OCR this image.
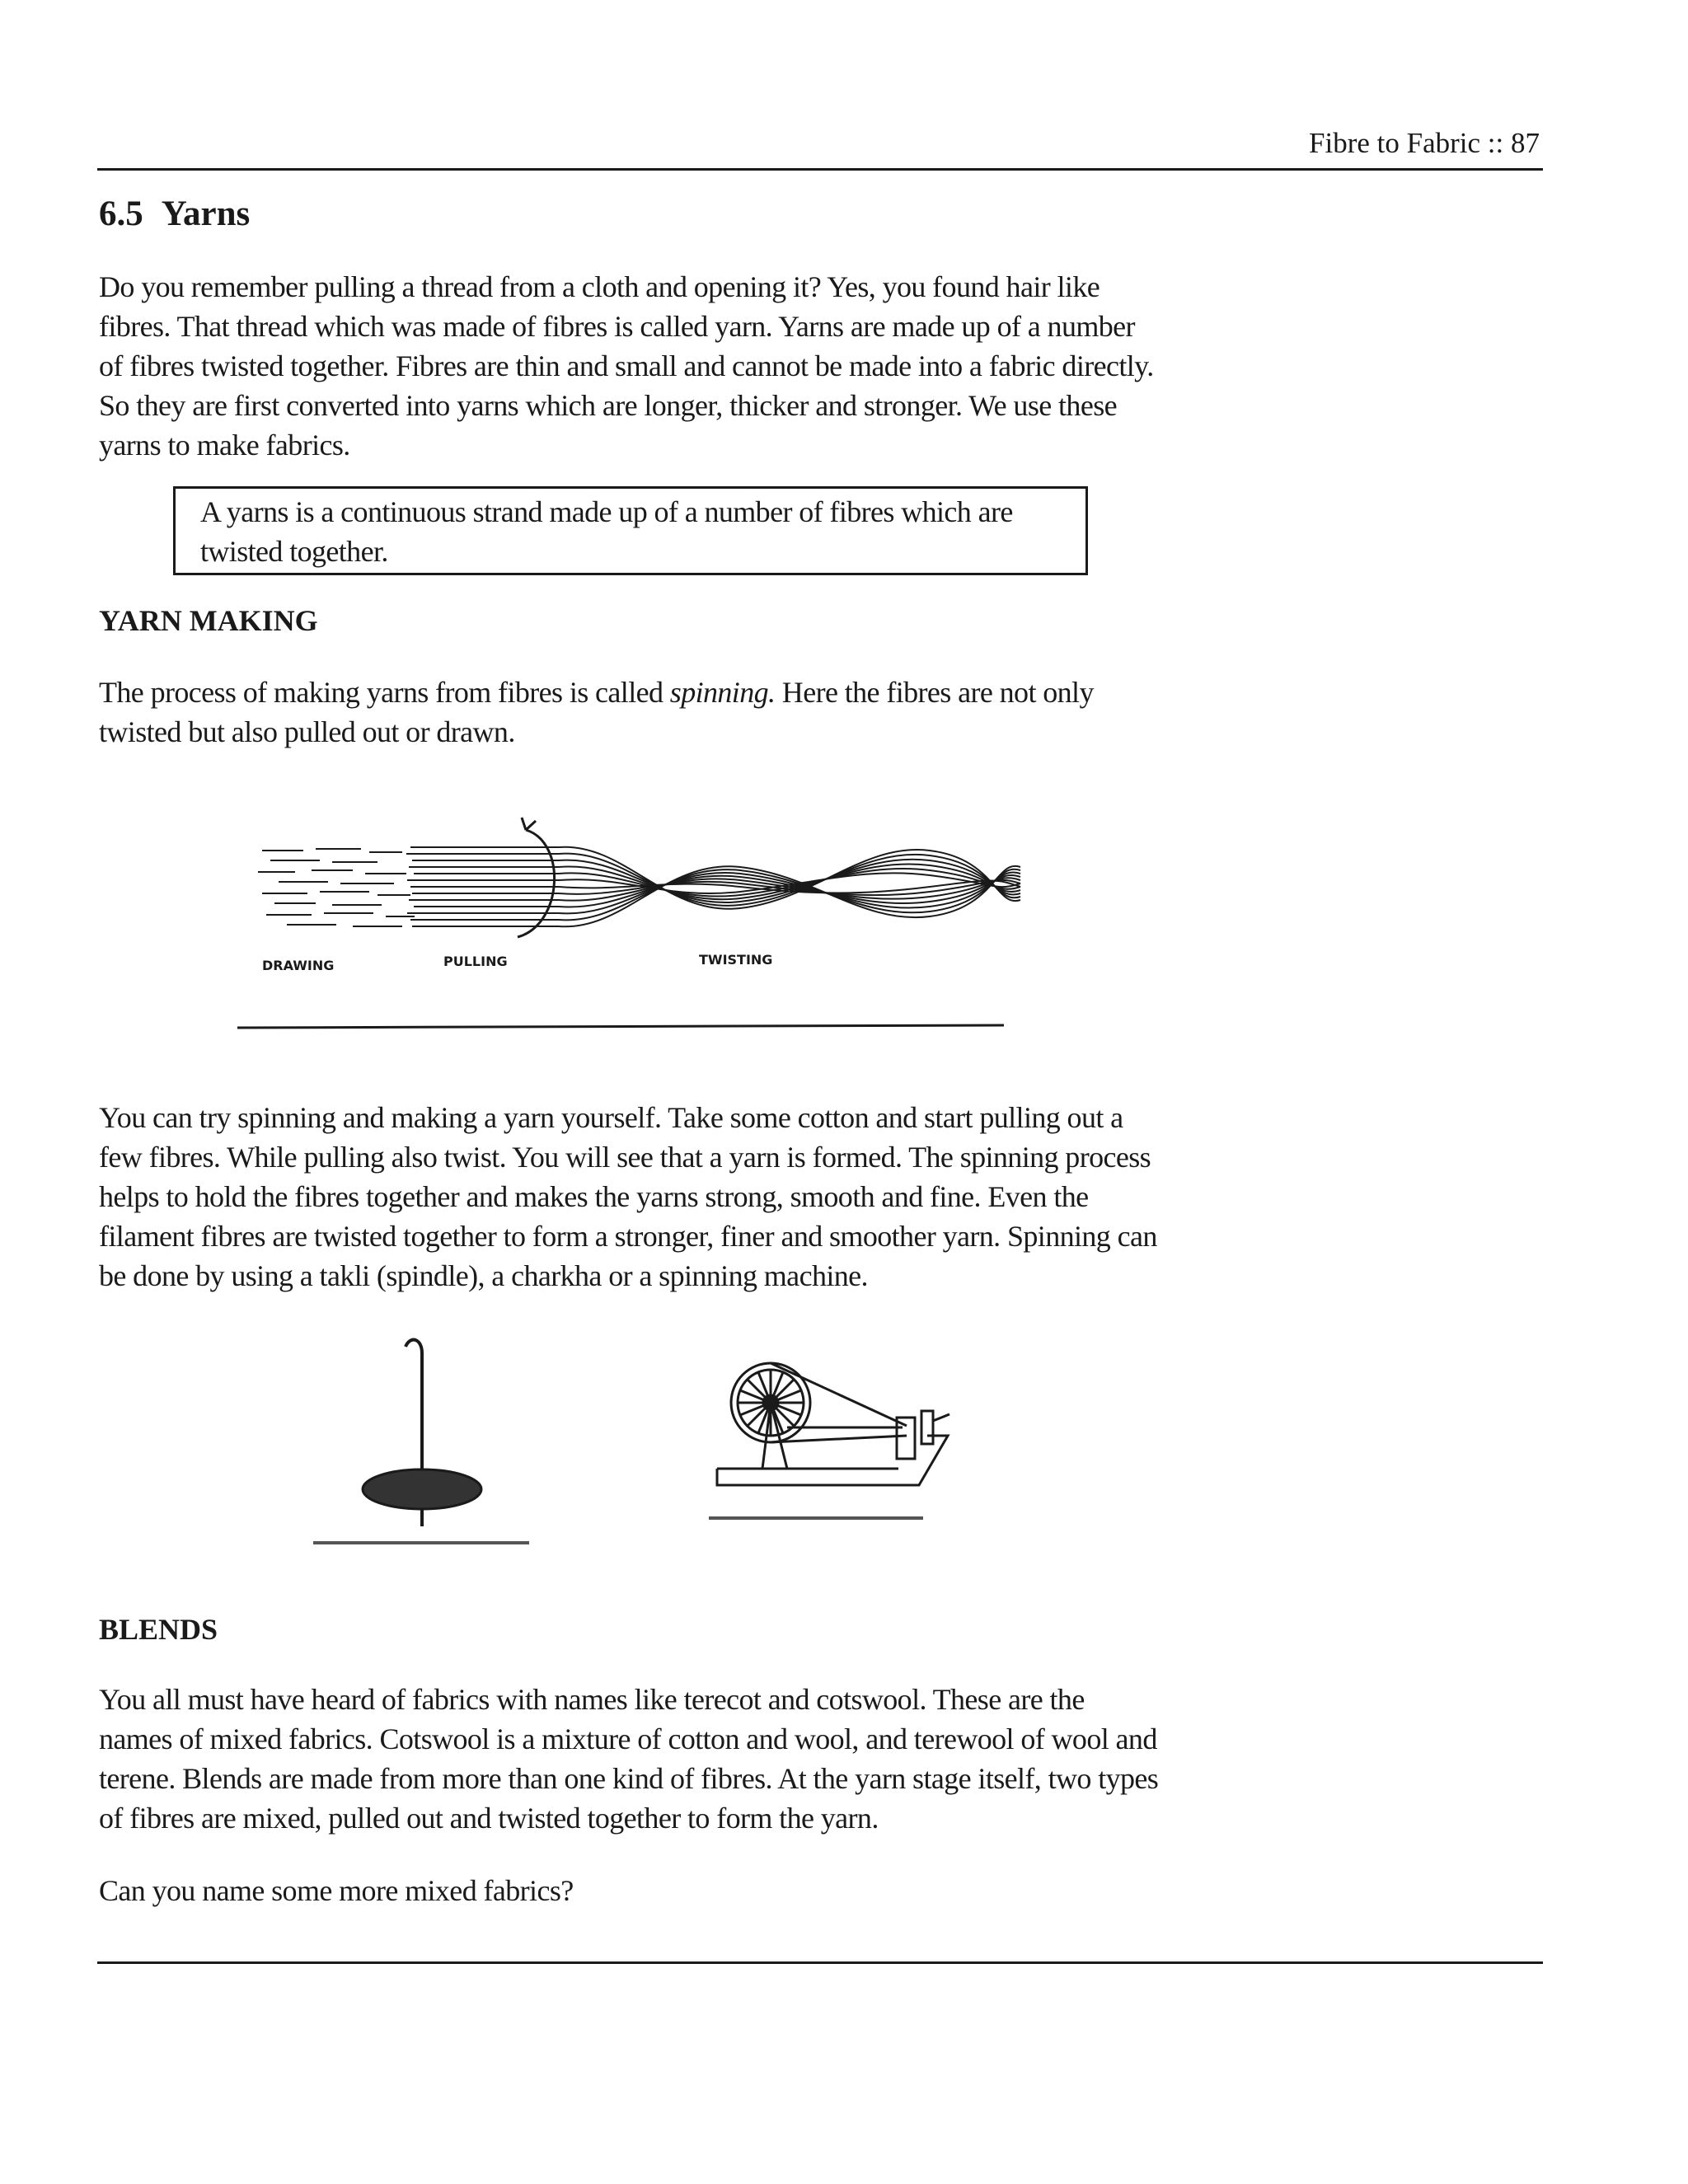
Fibre to Fabric :: 87
6.5 Yarns

Do you remember pulling a thread from a cloth and opening it? Yes, you found hair like fibres. That thread which was made of fibres is called yarn. Yarns are made up of a number of fibres twisted together. Fibres are thin and small and cannot be made into a fabric directly. So they are first converted into yarns which are longer, thicker and stronger. We use these yarns to make fabrics.

A yarns is a continuous strand made up of a number of fibres which are twisted together.

YARN MAKING

The process of making yarns from fibres is called spinning. Here the fibres are not only twisted but also pulled out or drawn.

DRAWING	PULLING	TWISTING

You can try spinning and making a yarn yourself. Take some cotton and start pulling out a few fibres. While pulling also twist. You will see that a yarn is formed. The spinning process helps to hold the fibres together and makes the yarns strong, smooth and fine. Even the filament fibres are twisted together to form a stronger, finer and smoother yarn. Spinning can be done by using a takli (spindle), a charkha or a spinning machine.

BLENDS

You all must have heard of fabrics with names like terecot and cotswool. These are the names of mixed fabrics. Cotswool is a mixture of cotton and wool, and terewool of wool and terene. Blends are made from more than one kind of fibres. At the yarn stage itself, two types of fibres are mixed, pulled out and twisted together to form the yarn.

Can you name some more mixed fabrics?
